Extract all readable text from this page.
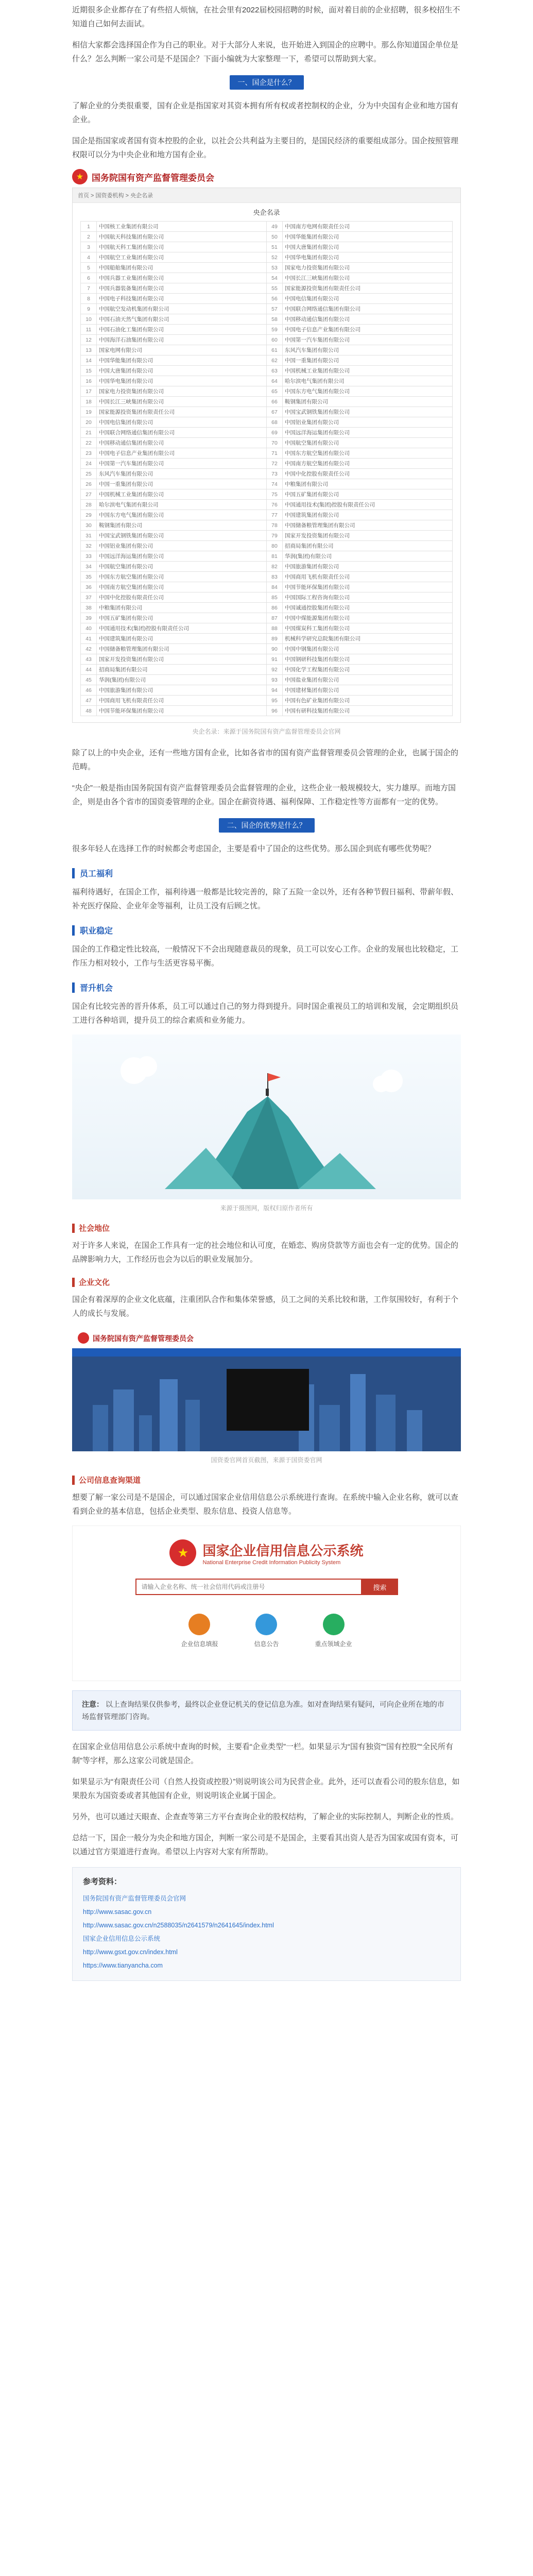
近期很多企业都存在了有些招人烦恼，在社会里有2022届校园招聘的时候，面对着目前的企业招聘，很多校招生不知道自己如何去面试。

相信大家都会选择国企作为自己的职业。对于大部分人来说，也开始进入到国企的应聘中。那么你知道国企单位是什么？怎么判断一家公司是不是国企？下面小编就为大家整理一下，希望可以帮助到大家。

一、国企是什么？

了解企业的分类很重要，国有企业是指国家对其资本拥有所有权或者控制权的企业，分为中央国有企业和地方国有企业。

国企是指国家或者国有资本控股的企业，以社会公共利益为主要目的，是国民经济的重要组成部分。国企按照管理权限可以分为中央企业和地方国有企业。

★ 国务院国有资产监督管理委员会
首页 > 国资委机构 > 央企名录
央企名录
1	中国核工业集团有限公司	49	中国南方电网有限责任公司
2	中国航天科技集团有限公司	50	中国华能集团有限公司
3	中国航天科工集团有限公司	51	中国大唐集团有限公司
4	中国航空工业集团有限公司	52	中国华电集团有限公司
5	中国船舶集团有限公司	53	国家电力投资集团有限公司
6	中国兵器工业集团有限公司	54	中国长江三峡集团有限公司
7	中国兵器装备集团有限公司	55	国家能源投资集团有限责任公司
8	中国电子科技集团有限公司	56	中国电信集团有限公司
9	中国航空发动机集团有限公司	57	中国联合网络通信集团有限公司
10	中国石油天然气集团有限公司	58	中国移动通信集团有限公司
11	中国石油化工集团有限公司	59	中国电子信息产业集团有限公司
12	中国海洋石油集团有限公司	60	中国第一汽车集团有限公司
13	国家电网有限公司	61	东风汽车集团有限公司
14	中国华能集团有限公司	62	中国一重集团有限公司
15	中国大唐集团有限公司	63	中国机械工业集团有限公司
16	中国华电集团有限公司	64	哈尔滨电气集团有限公司
17	国家电力投资集团有限公司	65	中国东方电气集团有限公司
18	中国长江三峡集团有限公司	66	鞍钢集团有限公司
19	国家能源投资集团有限责任公司	67	中国宝武钢铁集团有限公司
20	中国电信集团有限公司	68	中国铝业集团有限公司
21	中国联合网络通信集团有限公司	69	中国远洋海运集团有限公司
22	中国移动通信集团有限公司	70	中国航空集团有限公司
23	中国电子信息产业集团有限公司	71	中国东方航空集团有限公司
24	中国第一汽车集团有限公司	72	中国南方航空集团有限公司
25	东风汽车集团有限公司	73	中国中化控股有限责任公司
26	中国一重集团有限公司	74	中粮集团有限公司
27	中国机械工业集团有限公司	75	中国五矿集团有限公司
28	哈尔滨电气集团有限公司	76	中国通用技术(集团)控股有限责任公司
29	中国东方电气集团有限公司	77	中国建筑集团有限公司
30	鞍钢集团有限公司	78	中国储备粮管理集团有限公司
31	中国宝武钢铁集团有限公司	79	国家开发投资集团有限公司
32	中国铝业集团有限公司	80	招商局集团有限公司
33	中国远洋海运集团有限公司	81	华润(集团)有限公司
34	中国航空集团有限公司	82	中国旅游集团有限公司
35	中国东方航空集团有限公司	83	中国商用飞机有限责任公司
36	中国南方航空集团有限公司	84	中国节能环保集团有限公司
37	中国中化控股有限责任公司	85	中国国际工程咨询有限公司
38	中粮集团有限公司	86	中国诚通控股集团有限公司
39	中国五矿集团有限公司	87	中国中煤能源集团有限公司
40	中国通用技术(集团)控股有限责任公司	88	中国煤炭科工集团有限公司
41	中国建筑集团有限公司	89	机械科学研究总院集团有限公司
42	中国储备粮管理集团有限公司	90	中国中钢集团有限公司
43	国家开发投资集团有限公司	91	中国钢研科技集团有限公司
44	招商局集团有限公司	92	中国化学工程集团有限公司
45	华润(集团)有限公司	93	中国盐业集团有限公司
46	中国旅游集团有限公司	94	中国建材集团有限公司
47	中国商用飞机有限责任公司	95	中国有色矿业集团有限公司
48	中国节能环保集团有限公司	96	中国有研科技集团有限公司
央企名录：来源于国务院国有资产监督管理委员会官网

除了以上的中央企业，还有一些地方国有企业，比如各省市的国有资产监督管理委员会管理的企业，也属于国企的范畴。

“央企”一般是指由国务院国有资产监督管理委员会监督管理的企业，这些企业一般规模较大，实力雄厚。而地方国企，则是由各个省市的国资委管理的企业。国企在薪资待遇、福利保障、工作稳定性等方面都有一定的优势。

二、国企的优势是什么？

很多年轻人在选择工作的时候都会考虑国企，主要是看中了国企的这些优势。那么国企到底有哪些优势呢？

员工福利

福利待遇好，在国企工作，福利待遇一般都是比较完善的，除了五险一金以外，还有各种节假日福利、带薪年假、补充医疗保险、企业年金等福利，让员工没有后顾之忧。

职业稳定

国企的工作稳定性比较高，一般情况下不会出现随意裁员的现象，员工可以安心工作。企业的发展也比较稳定，工作压力相对较小，工作与生活更容易平衡。

晋升机会

国企有比较完善的晋升体系，员工可以通过自己的努力得到提升。同时国企重视员工的培训和发展，会定期组织员工进行各种培训，提升员工的综合素质和业务能力。

来源于摄图网，版权归原作者所有
社会地位

对于许多人来说，在国企工作具有一定的社会地位和认可度，在婚恋、购房贷款等方面也会有一定的优势。国企的品牌影响力大，工作经历也会为以后的职业发展加分。

企业文化

国企有着深厚的企业文化底蕴，注重团队合作和集体荣誉感，员工之间的关系比较和谐，工作氛围较好，有利于个人的成长与发展。

国务院国有资产监督管理委员会
国资委官网首页截图，来源于国资委官网
公司信息查询渠道

想要了解一家公司是不是国企，可以通过国家企业信用信息公示系统进行查询。在系统中输入企业名称，就可以查看到企业的基本信息，包括企业类型、股东信息、投资人信息等。

★	国家企业信用信息公示系统
National Enterprise Credit Information Publicity System
请输入企业名称、统一社会信用代码或注册号
搜索
企业信息填报	信息公告	重点领域企业
注意： 以上查询结果仅供参考，最终以企业登记机关的登记信息为准。如对查询结果有疑问，可向企业所在地的市场监督管理部门咨询。

在国家企业信用信息公示系统中查询的时候，主要看“企业类型”一栏。如果显示为“国有独资”“国有控股”“全民所有制”等字样，那么这家公司就是国企。

如果显示为“有限责任公司（自然人投资或控股）”则说明该公司为民营企业。此外，还可以查看公司的股东信息，如果股东为国资委或者其他国有企业，则说明该企业属于国企。

另外，也可以通过天眼查、企查查等第三方平台查询企业的股权结构，了解企业的实际控制人，判断企业的性质。

总结一下，国企一般分为央企和地方国企，判断一家公司是不是国企，主要看其出资人是否为国家或国有资本，可以通过官方渠道进行查询。希望以上内容对大家有所帮助。

参考资料：
国务院国有资产监督管理委员会官网
http://www.sasac.gov.cn
http://www.sasac.gov.cn/n2588035/n2641579/n2641645/index.html
国家企业信用信息公示系统
http://www.gsxt.gov.cn/index.html
https://www.tianyancha.com
